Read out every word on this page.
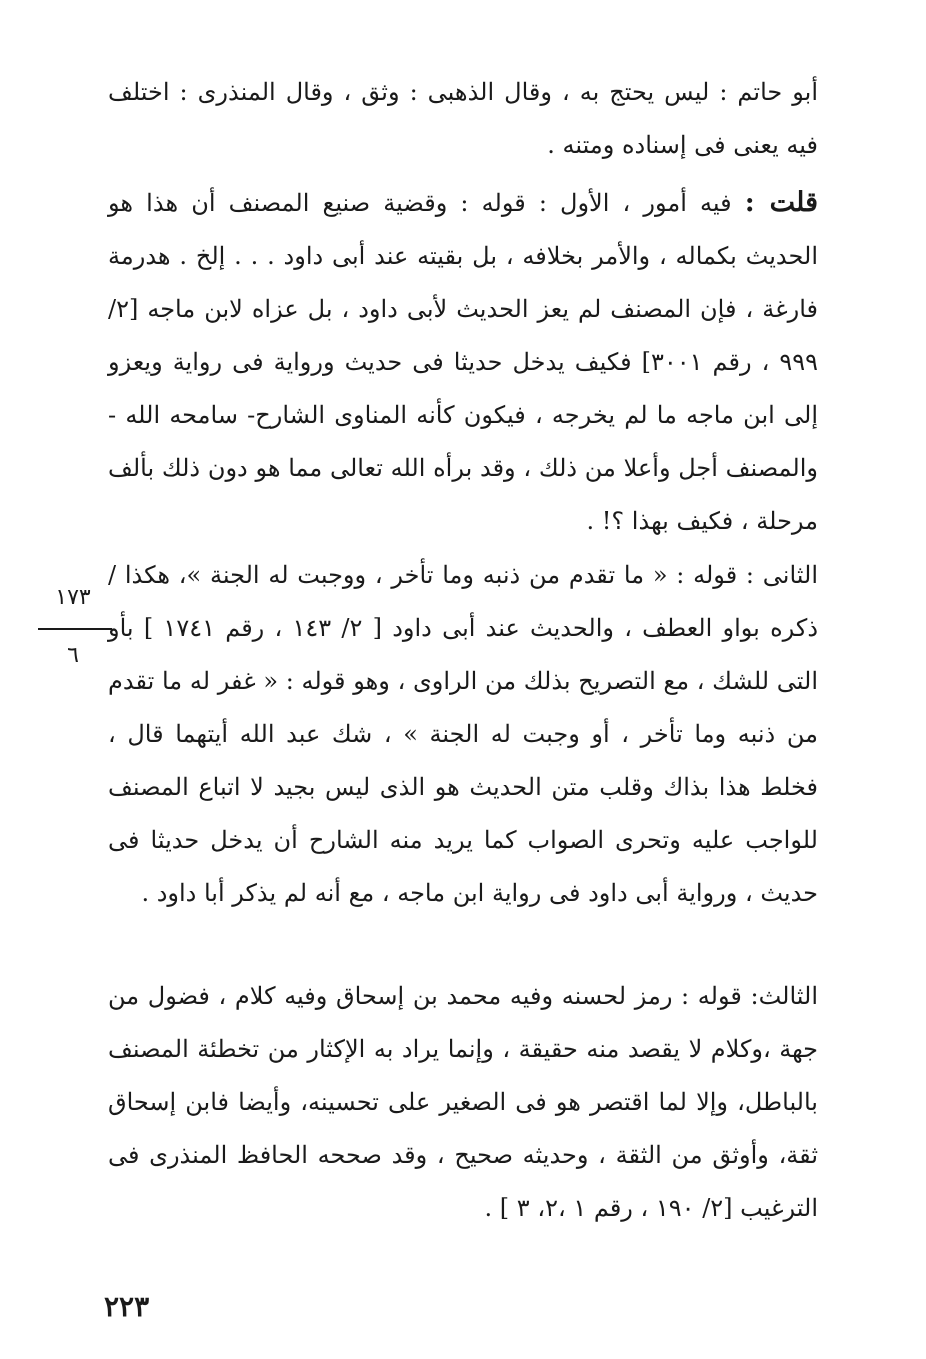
أبو حاتم : ليس يحتج به ، وقال الذهبى : وثق ، وقال المنذرى : اختلف فيه يعنى فى إسناده ومتنه .

قلت : فيه أمور ، الأول : قوله : وقضية صنيع المصنف أن هذا هو الحديث بكماله ، والأمر بخلافه ، بل بقيته عند أبى داود . . . إلخ . هدرمة فارغة ، فإن المصنف لم يعز الحديث لأبى داود ، بل عزاه لابن ماجه [٢/ ٩٩٩ ، رقم ٣٠٠١] فكيف يدخل حديثا فى حديث ورواية فى رواية ويعزو إلى ابن ماجه ما لم يخرجه ، فيكون كأنه المناوى الشارح- سامحه الله - والمصنف أجل وأعلا من ذلك ، وقد برأه الله تعالى مما هو دون ذلك بألف مرحلة ، فكيف بهذا ؟! .

الثانى : قوله : « ما تقدم من ذنبه وما تأخر ، ووجبت له الجنة »، هكذا / ذكره بواو العطف ، والحديث عند أبى داود [ ٢/ ١٤٣ ، رقم ١٧٤١ ] بأو التى للشك ، مع التصريح بذلك من الراوى ، وهو قوله : « غفر له ما تقدم من ذنبه وما تأخر ، أو وجبت له الجنة » ، شك عبد الله أيتهما قال ، فخلط هذا بذاك وقلب متن الحديث هو الذى ليس بجيد لا اتباع المصنف للواجب عليه وتحرى الصواب كما يريد منه الشارح أن يدخل حديثا فى حديث ، ورواية أبى داود فى رواية ابن ماجه ، مع أنه لم يذكر أبا داود .

الثالث: قوله : رمز لحسنه وفيه محمد بن إسحاق وفيه كلام ، فضول من جهة ،وكلام لا يقصد منه حقيقة ، وإنما يراد به الإكثار من تخطئة المصنف بالباطل، وإلا لما اقتصر هو فى الصغير على تحسينه، وأيضا فابن إسحاق ثقة، وأوثق من الثقة ، وحديثه صحيح ، وقد صححه الحافظ المنذرى فى الترغيب [٢/ ١٩٠ ، رقم ١ ،٢، ٣ ] .

١٧٣
٦
٢٢٣
